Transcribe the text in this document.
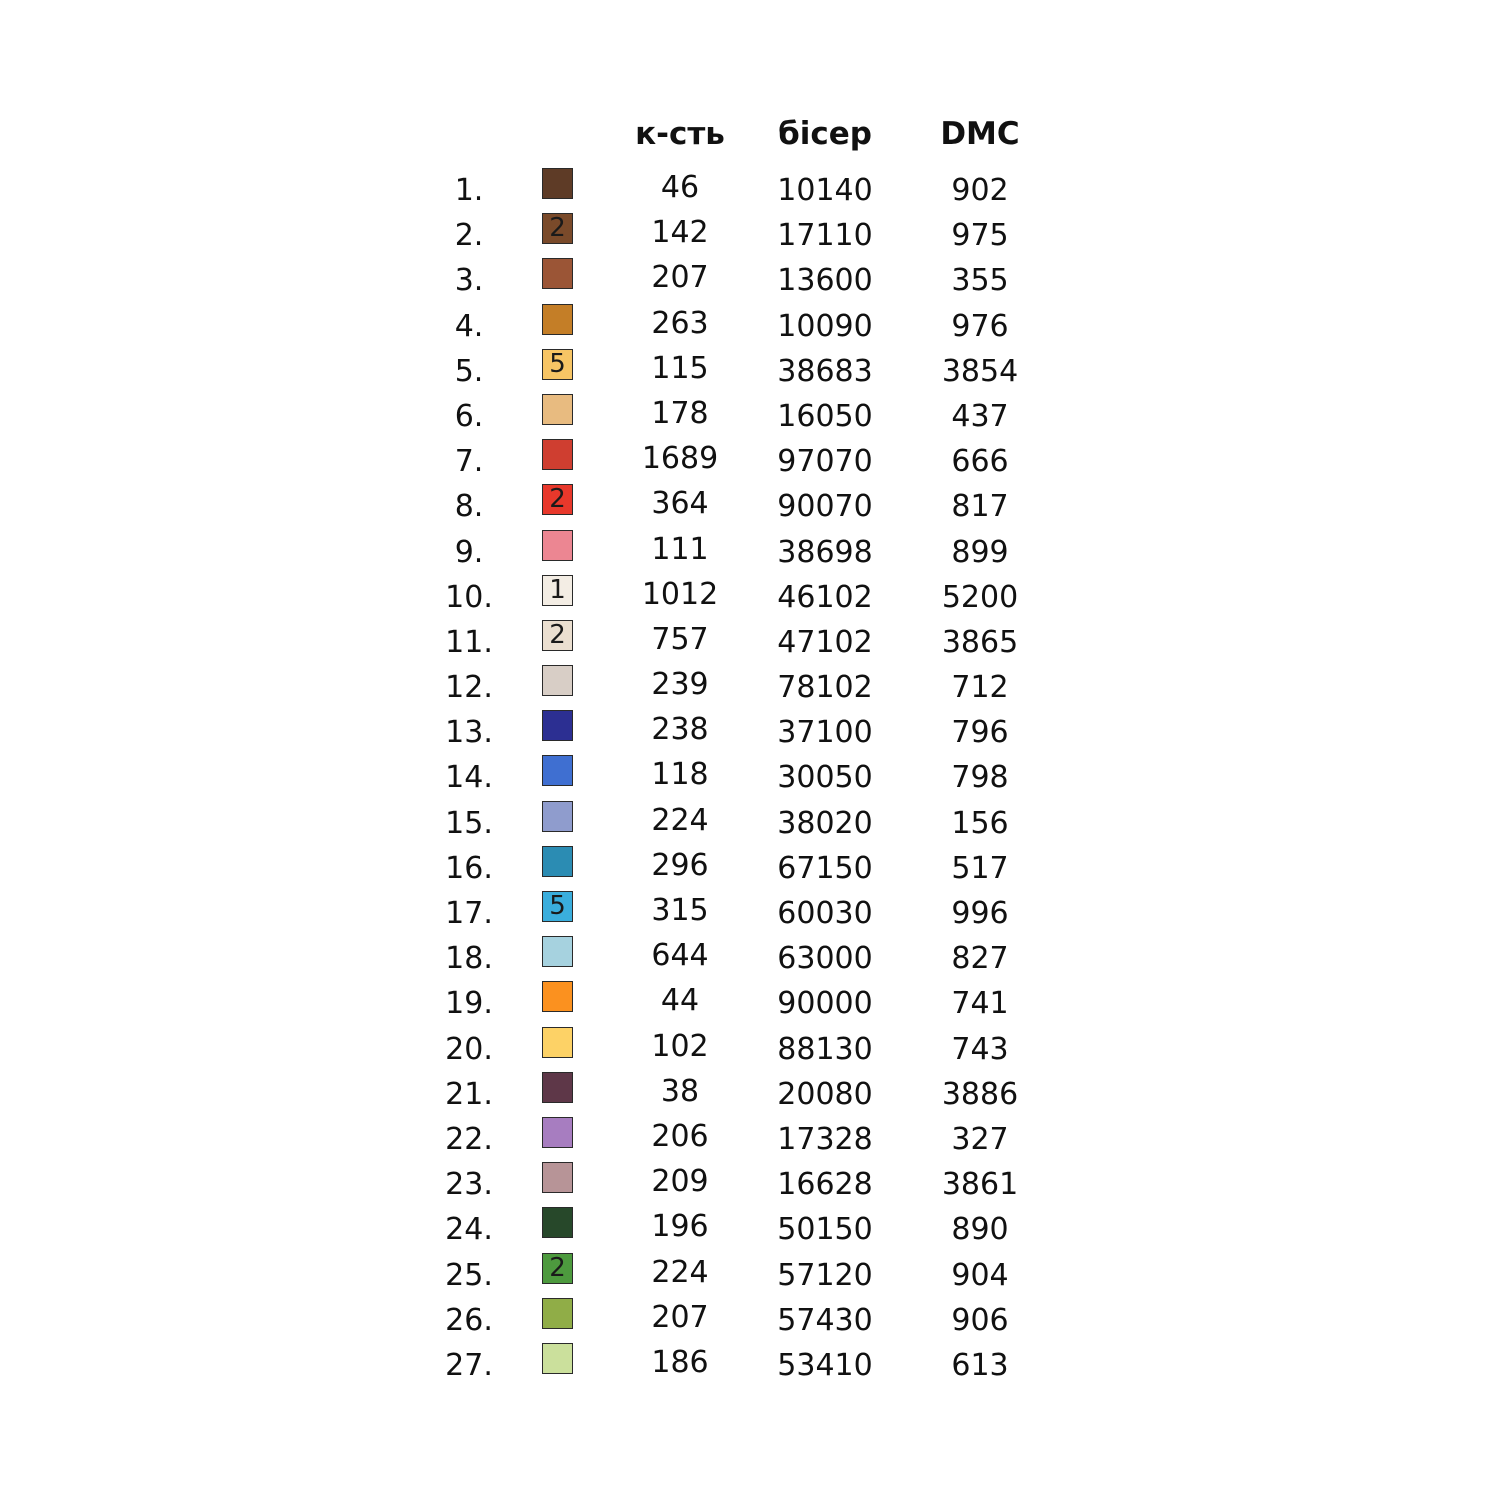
к-сть	бісер	DMC
1.	46	10140	902
2.	2	142	17110	975
3.	207	13600	355
4.	263	10090	976
5.	5	115	38683	3854
6.	178	16050	437
7.	1689	97070	666
8.	2	364	90070	817
9.	111	38698	899
10.	1	1012	46102	5200
11.	2	757	47102	3865
12.	239	78102	712
13.	238	37100	796
14.	118	30050	798
15.	224	38020	156
16.	296	67150	517
17.	5	315	60030	996
18.	644	63000	827
19.	44	90000	741
20.	102	88130	743
21.	38	20080	3886
22.	206	17328	327
23.	209	16628	3861
24.	196	50150	890
25.	2	224	57120	904
26.	207	57430	906
27.	186	53410	613
